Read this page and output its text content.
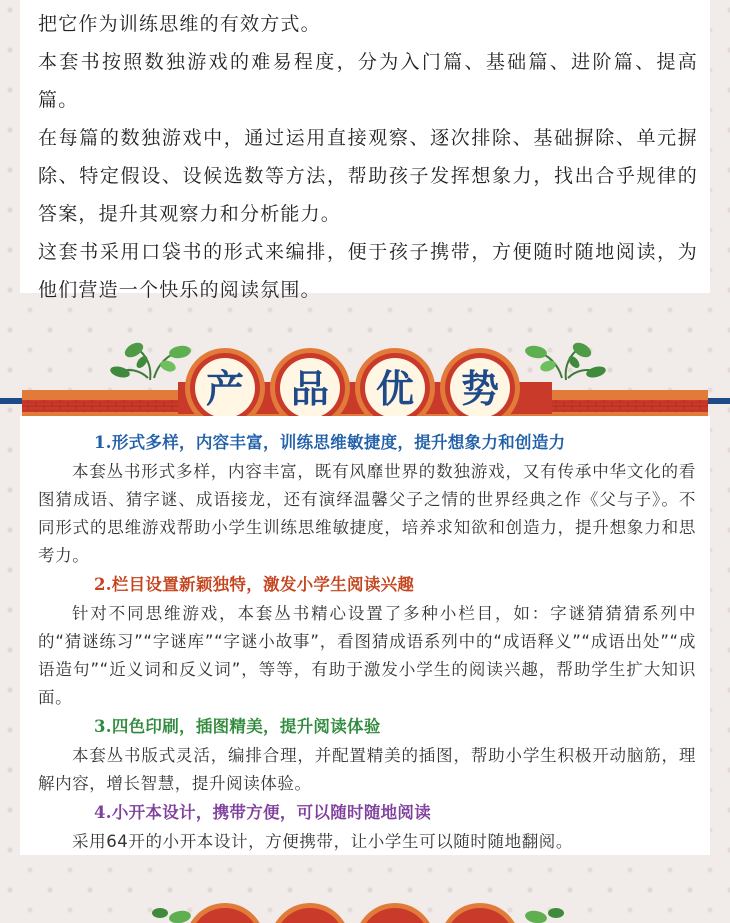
把它作为训练思维的有效方式。

本套书按照数独游戏的难易程度，分为入门篇、基础篇、进阶篇、提高篇。

在每篇的数独游戏中，通过运用直接观察、逐次排除、基础摒除、单元摒除、特定假设、设候选数等方法，帮助孩子发挥想象力，找出合乎规律的答案，提升其观察力和分析能力。

这套书采用口袋书的形式来编排，便于孩子携带，方便随时随地阅读，为他们营造一个快乐的阅读氛围。

产 品 优 势
1.形式多样，内容丰富，训练思维敏捷度，提升想象力和创造力

本套丛书形式多样，内容丰富，既有风靡世界的数独游戏，又有传承中华文化的看图猜成语、猜字谜、成语接龙，还有演绎温馨父子之情的世界经典之作《父与子》。不同形式的思维游戏帮助小学生训练思维敏捷度，培养求知欲和创造力，提升想象力和思考力。

2.栏目设置新颖独特，激发小学生阅读兴趣

针对不同思维游戏，本套丛书精心设置了多种小栏目，如：字谜猜猜猜系列中的“猜谜练习”“字谜库”“字谜小故事”，看图猜成语系列中的“成语释义”“成语出处”“成语造句”“近义词和反义词”，等等，有助于激发小学生的阅读兴趣，帮助学生扩大知识面。

3.四色印刷，插图精美，提升阅读体验

本套丛书版式灵活，编排合理，并配置精美的插图，帮助小学生积极开动脑筋，理解内容，增长智慧，提升阅读体验。

4.小开本设计，携带方便，可以随时随地阅读

采用64开的小开本设计，方便携带，让小学生可以随时随地翻阅。
